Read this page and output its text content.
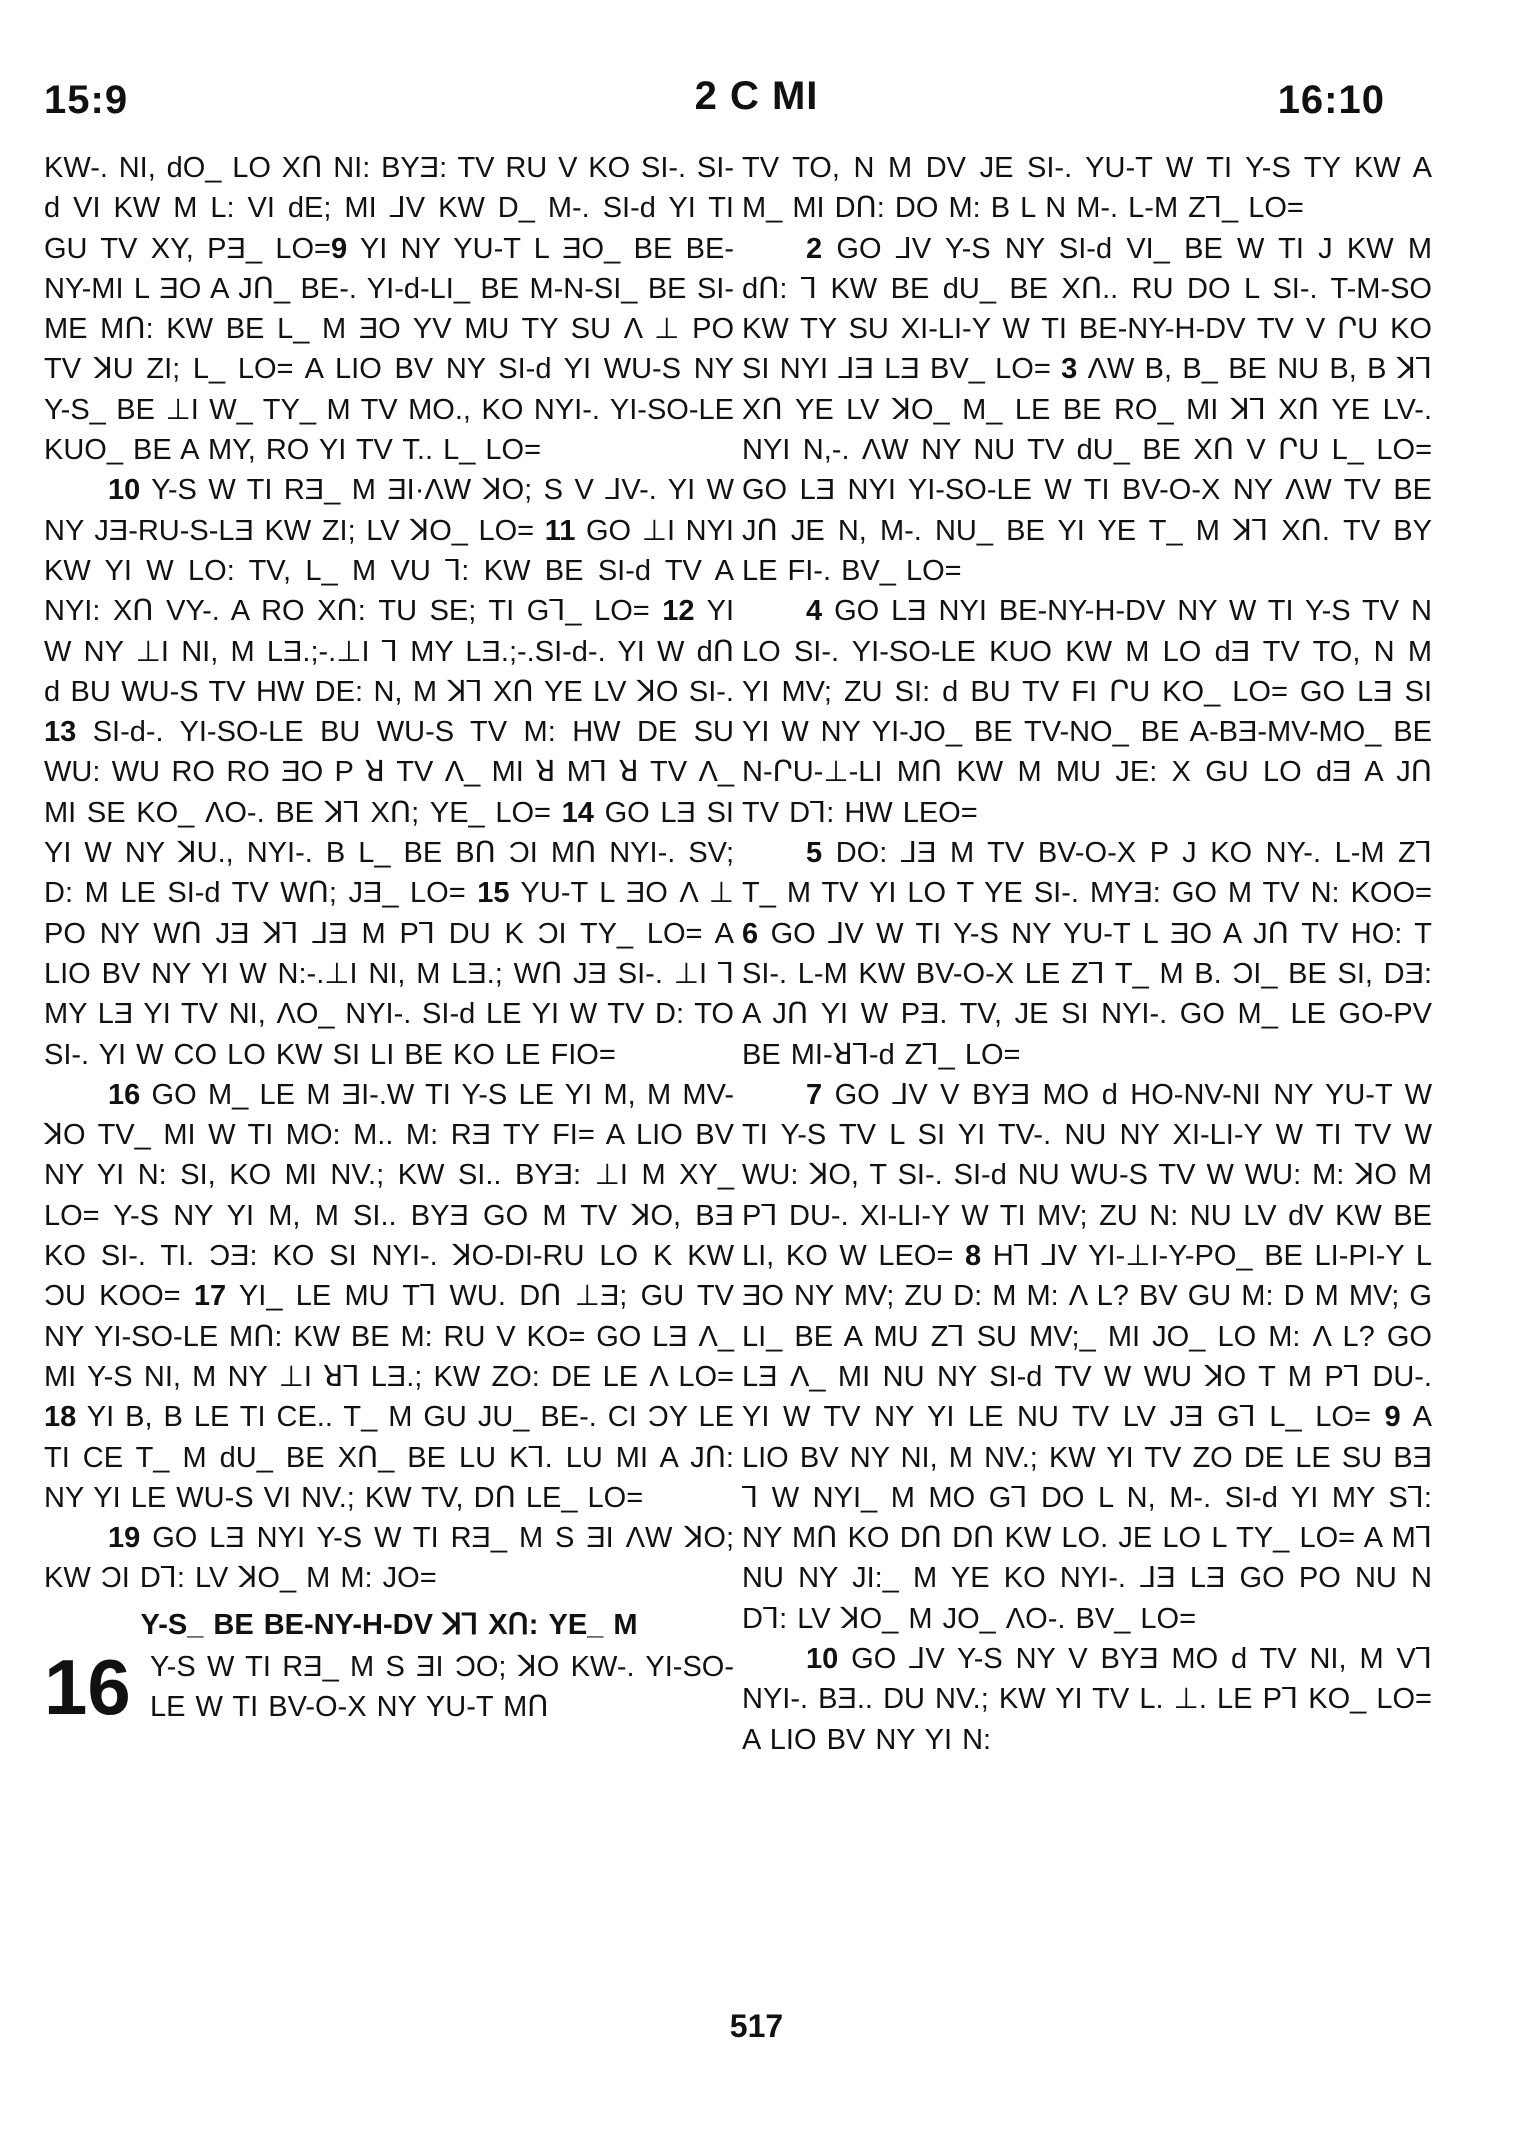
15:9	2 C MI	16:10

KW-. NI, dO_ LO XՈ NI: BYƎ: TV RU V KO SI-. SI-d VI KW M L: VI dE; MI ⅃V KW D_ M-. SI-d YI TI GU TV XY, PƎ_ LO=9 YI NY YU-T L ƎO_ BE BE-NY-MI L ƎO A JՈ_ BE-. YI-d-LI_ BE M-N-SI_ BE SI-ME MՈ: KW BE L_ M ƎO YV MU TY SU Λ ⊥ PO TV ꓘU ZI; L_ LO= A LIO BV NY SI-d YI WU-S NY Y-S_ BE ⊥I W_ TY_ M TV MO., KO NYI-. YI-SO-LE KUO_ BE A MY, RO YI TV T.. L_ LO=

10 Y-S W TI RƎ_ M ƎI·ΛW ꓘO; S V ⅃V-. YI W NY JƎ-RU-S-LƎ KW ZI; LV ꓘO_ LO= 11 GO ⊥I NYI KW YI W LO: TV, L_ M VU ⅂: KW BE SI-d TV A NYI: XՈ VY-. A RO XՈ: TU SE; TI G⅂_ LO= 12 YI W NY ⊥I NI, M LƎ.;-.⊥I ⅂ MY LƎ.;-.SI-d-. YI W dՈ d BU WU-S TV HW DE: N, M ꓘ⅂ XՈ YE LV ꓘO SI-. 13 SI-d-. YI-SO-LE BU WU-S TV M: HW DE SU WU: WU RO RO ƎO P ꓤ TV Λ_ MI ꓤ M⅂ ꓤ TV Λ_ MI SE KO_ ΛO-. BE ꓘ⅂ XՈ; YE_ LO= 14 GO LƎ SI YI W NY ꓘU., NYI-. B L_ BE BՈ ƆI MՈ NYI-. SV; D: M LE SI-d TV WՈ; JƎ_ LO= 15 YU-T L ƎO Λ ⊥ PO NY WՈ JƎ ꓘ⅂ ⅃Ǝ M P⅂ DU K ƆI TY_ LO= A LIO BV NY YI W N:-.⊥I NI, M LƎ.; WՈ JƎ SI-. ⊥I ⅂ MY LƎ YI TV NI, ΛO_ NYI-. SI-d LE YI W TV D: TO SI-. YI W CO LO KW SI LI BE KO LE FIO=

16 GO M_ LE M ƎI-.W TI Y-S LE YI M, M MV-ꓘO TV_ MI W TI MO: M.. M: RƎ TY FI= A LIO BV NY YI N: SI, KO MI NV.; KW SI.. BYƎ: ⊥I M XY_ LO= Y-S NY YI M, M SI.. BYƎ GO M TV ꓘO, BƎ KO SI-. TI. ƆƎ: KO SI NYI-. ꓘO-DI-RU LO K KW ƆU KOO= 17 YI_ LE MU T⅂ WU. DՈ ⊥Ǝ; GU TV NY YI-SO-LE MՈ: KW BE M: RU V KO= GO LƎ Λ_ MI Y-S NI, M NY ⊥I ꓤ⅂ LƎ.; KW ZO: DE LE Λ LO= 18 YI B, B LE TI CE.. T_ M GU JU_ BE-. CI ƆY LE TI CE T_ M dU_ BE XՈ_ BE LU K⅂. LU MI A JՈ: NY YI LE WU-S VI NV.; KW TV, DՈ LE_ LO=

19 GO LƎ NYI Y-S W TI RƎ_ M S ƎI ΛW ꓘO; KW ƆI D⅂: LV ꓘO_ M M: JO=

Y-S_ BE BE-NY-H-DV ꓘ⅂ XՈ: YE_ M
16 Y-S W TI RƎ_ M S ƎI ƆO; ꓘO KW-. YI-SO-LE W TI BV-O-X NY YU-T MՈ

TV TO, N M DV JE SI-. YU-T W TI Y-S TY KW A M_ MI DՈ: DO M: B L N M-. L-M Z⅂_ LO=

2 GO ⅃V Y-S NY SI-d VI_ BE W TI J KW M dՈ: ⅂ KW BE dU_ BE XՈ.. RU DO L SI-. T-M-SO KW TY SU XI-LI-Y W TI BE-NY-H-DV TV V ՐU KO SI NYI ⅃Ǝ LƎ BV_ LO= 3 ΛW B, B_ BE NU B, B ꓘ⅂ XՈ YE LV ꓘO_ M_ LE BE RO_ MI ꓘ⅂ XՈ YE LV-. NYI N,-. ΛW NY NU TV dU_ BE XՈ V ՐU L_ LO= GO LƎ NYI YI-SO-LE W TI BV-O-X NY ΛW TV BE JՈ JE N, M-. NU_ BE YI YE T_ M ꓘ⅂ XՈ. TV BY LE FI-. BV_ LO=

4 GO LƎ NYI BE-NY-H-DV NY W TI Y-S TV N LO SI-. YI-SO-LE KUO KW M LO dƎ TV TO, N M YI MV; ZU SI: d BU TV FI ՐU KO_ LO= GO LƎ SI YI W NY YI-JO_ BE TV-NO_ BE A-BƎ-MV-MO_ BE N-ՐU-⊥-LI MՈ KW M MU JE: X GU LO dƎ A JՈ TV D⅂: HW LEO=

5 DO: ⅃Ǝ M TV BV-O-X P J KO NY-. L-M Z⅂ T_ M TV YI LO T YE SI-. MYƎ: GO M TV N: KOO= 6 GO ⅃V W TI Y-S NY YU-T L ƎO A JՈ TV HO: T SI-. L-M KW BV-O-X LE Z⅂ T_ M B. ƆI_ BE SI, DƎ: A JՈ YI W PƎ. TV, JE SI NYI-. GO M_ LE GO-PV BE MI-ꓤ⅂-d Z⅂_ LO=

7 GO ⅃V V BYƎ MO d HO-NV-NI NY YU-T W TI Y-S TV L SI YI TV-. NU NY XI-LI-Y W TI TV W WU: ꓘO, T SI-. SI-d NU WU-S TV W WU: M: ꓘO M P⅂ DU-. XI-LI-Y W TI MV; ZU N: NU LV dV KW BE LI, KO W LEO= 8 H⅂ ⅃V YI-⊥I-Y-PO_ BE LI-PI-Y L ƎO NY MV; ZU D: M M: Λ L? BV GU M: D M MV; G LI_ BE A MU Z⅂ SU MV;_ MI JO_ LO M: Λ L? GO LƎ Λ_ MI NU NY SI-d TV W WU ꓘO T M P⅂ DU-. YI W TV NY YI LE NU TV LV JƎ G⅂ L_ LO= 9 A LIO BV NY NI, M NV.; KW YI TV ZO DE LE SU BƎ ⅂ W NYI_ M MO G⅂ DO L N, M-. SI-d YI MY S⅂: NY MՈ KO DՈ DՈ KW LO. JE LO L TY_ LO= A M⅂ NU NY JI:_ M YE KO NYI-. ⅃Ǝ LƎ GO PO NU N D⅂: LV ꓘO_ M JO_ ΛO-. BV_ LO=

10 GO ⅃V Y-S NY V BYƎ MO d TV NI, M V⅂ NYI-. BƎ.. DU NV.; KW YI TV L. ⊥. LE P⅂ KO_ LO= A LIO BV NY YI N:

517
